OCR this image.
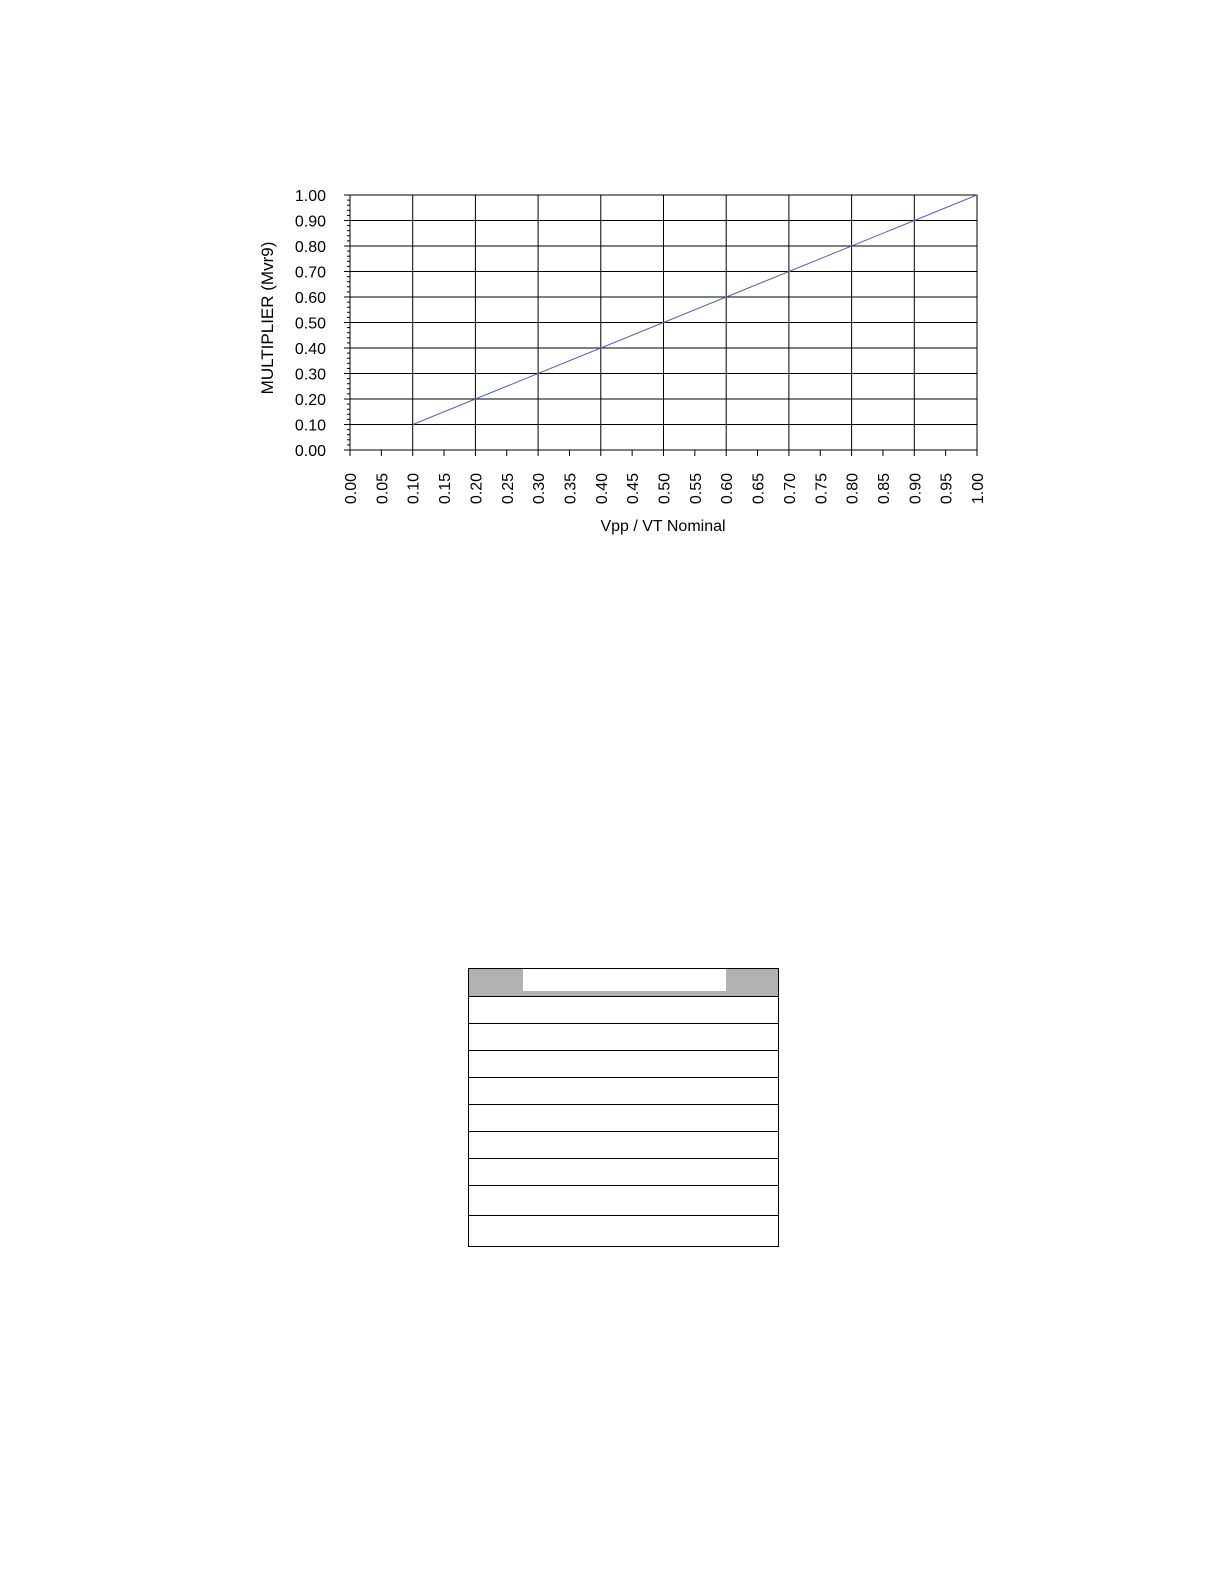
0.00
0.10
0.20
0.30
0.40
0.50
0.60
0.70
0.80
0.90
1.00
0.00 0.05 0.10 0.15 0.20 0.25 0.30 0.35 0.40 0.45 0.50 0.55 0.60 0.65 0.70 0.75 0.80 0.85 0.90 0.95 1.00
Vpp / VT Nominal
MULTIPLIER (Mvr9)
